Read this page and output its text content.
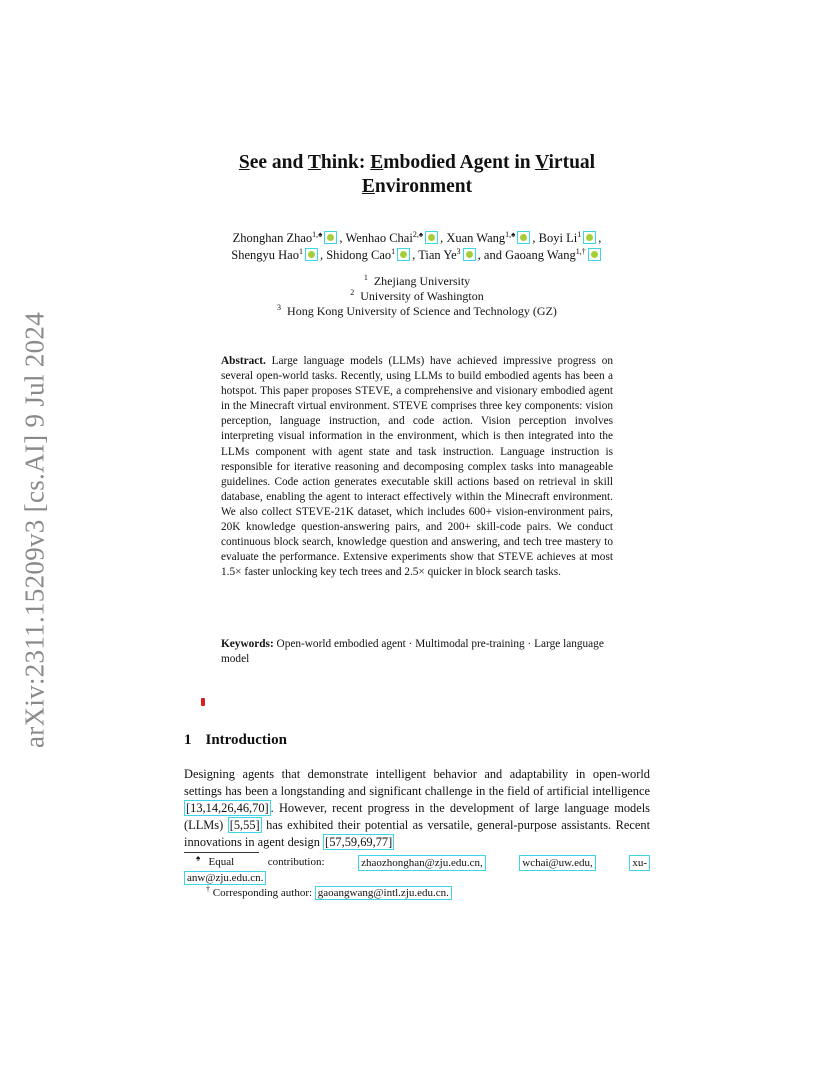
arXiv:2311.15209v3 [cs.AI] 9 Jul 2024
See and Think: Embodied Agent in Virtual
Environment
Zhonghan Zhao$^{1,♠}$ , Wenhao Chai$^{2,♠}$ , Xuan Wang$^{1,♠}$ , Boyi Li$^1$ ,
Shengyu Hao$^1$ , Shidong Cao$^1$ , Tian Ye$^3$ , and Gaoang Wang$^{1,\dagger}$
$^1$ Zhejiang University
$^2$ University of Washington
$^3$ Hong Kong University of Science and Technology (GZ)
Abstract. Large language models (LLMs) have achieved impressive progress on several open-world tasks. Recently, using LLMs to build embodied agents has been a hotspot. This paper proposes STEVE, a comprehensive and visionary embodied agent in the Minecraft virtual environment. STEVE comprises three key components: vision perception, language instruction, and code action. Vision perception involves interpreting visual information in the environment, which is then integrated into the LLMs component with agent state and task instruction. Language instruction is responsible for iterative reasoning and decomposing complex tasks into manageable guidelines. Code action generates executable skill actions based on retrieval in skill database, enabling the agent to interact effectively within the Minecraft environment. We also collect STEVE-21K dataset, which includes 600+ vision-environment pairs, 20K knowledge question-answering pairs, and 200+ skill-code pairs. We conduct continuous block search, knowledge question and answering, and tech tree mastery to evaluate the performance. Extensive experiments show that STEVE achieves at most 1.5× faster unlocking key tech trees and 2.5× quicker in block search tasks.
Keywords: Open-world embodied agent · Multimodal pre-training · Large language model
1 Introduction
Designing agents that demonstrate intelligent behavior and adaptability in open-world settings has been a longstanding and significant challenge in the field of artificial intelligence [13,14,26,46,70] . However, recent progress in the development of large language models (LLMs) [5,55] has exhibited their potential as versatile, general-purpose assistants. Recent innovations in agent design [57,59,69,77]
♠ Equal	contribution:	zhaozhonghan@zju.edu.cn,	wchai@uw.edu,	xu-
anw@zju.edu.cn.
† Corresponding author: gaoangwang@intl.zju.edu.cn.
